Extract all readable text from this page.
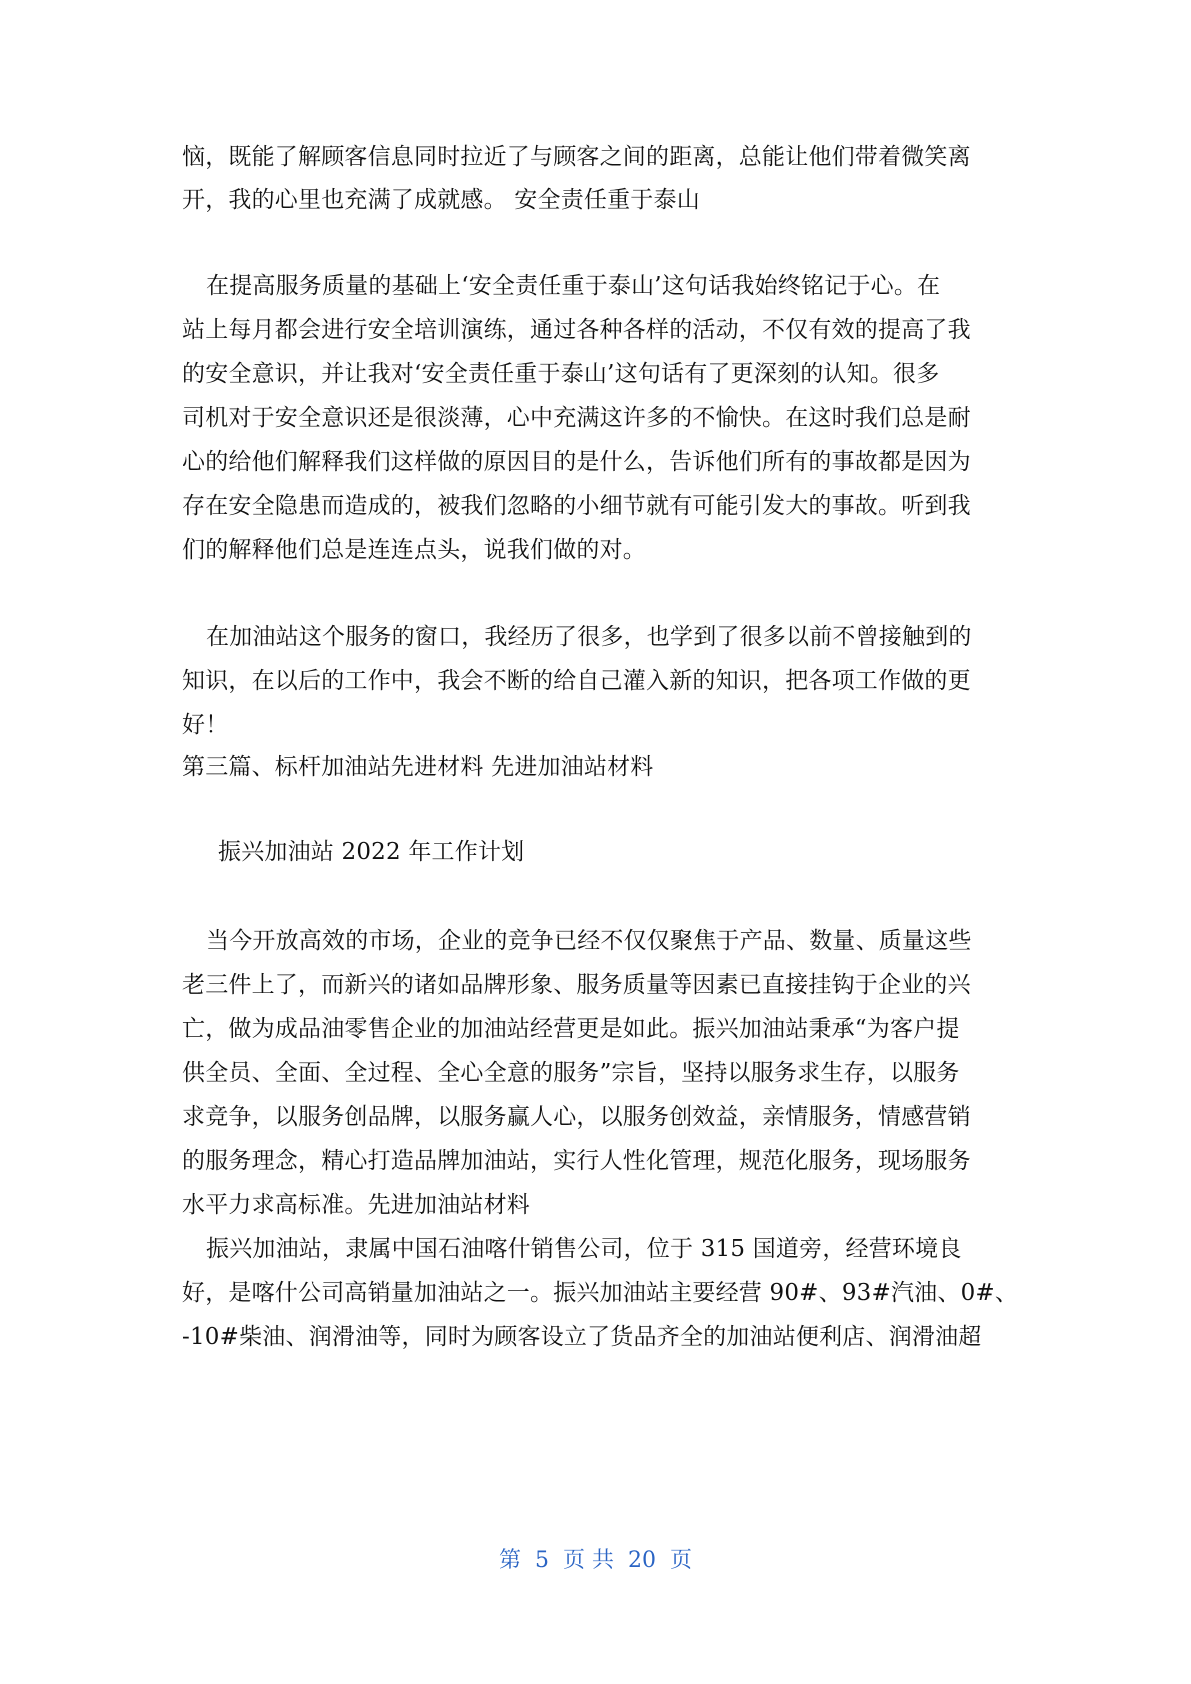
恼，既能了解顾客信息同时拉近了与顾客之间的距离，总能让他们带着微笑离
开，我的心里也充满了成就感。 安全责任重于泰山
在提高服务质量的基础上‘安全责任重于泰山’这句话我始终铭记于心。在
站上每月都会进行安全培训演练，通过各种各样的活动，不仅有效的提高了我
的安全意识，并让我对‘安全责任重于泰山’这句话有了更深刻的认知。很多
司机对于安全意识还是很淡薄，心中充满这许多的不愉快。在这时我们总是耐
心的给他们解释我们这样做的原因目的是什么，告诉他们所有的事故都是因为
存在安全隐患而造成的，被我们忽略的小细节就有可能引发大的事故。听到我
们的解释他们总是连连点头，说我们做的对。
在加油站这个服务的窗口，我经历了很多，也学到了很多以前不曾接触到的
知识，在以后的工作中，我会不断的给自己灌入新的知识，把各项工作做的更
好！
第三篇、标杆加油站先进材料 先进加油站材料
振兴加油站 2022 年工作计划
当今开放高效的市场，企业的竞争已经不仅仅聚焦于产品、数量、质量这些
老三件上了，而新兴的诸如品牌形象、服务质量等因素已直接挂钩于企业的兴
亡，做为成品油零售企业的加油站经营更是如此。振兴加油站秉承“为客户提
供全员、全面、全过程、全心全意的服务”宗旨，坚持以服务求生存，以服务
求竞争，以服务创品牌，以服务赢人心，以服务创效益，亲情服务，情感营销
的服务理念，精心打造品牌加油站，实行人性化管理，规范化服务，现场服务
水平力求高标准。先进加油站材料
振兴加油站，隶属中国石油喀什销售公司，位于 315 国道旁，经营环境良
好，是喀什公司高销量加油站之一。振兴加油站主要经营 90#、93#汽油、0#、
-10#柴油、润滑油等，同时为顾客设立了货品齐全的加油站便利店、润滑油超
第  5  页 共  20  页
